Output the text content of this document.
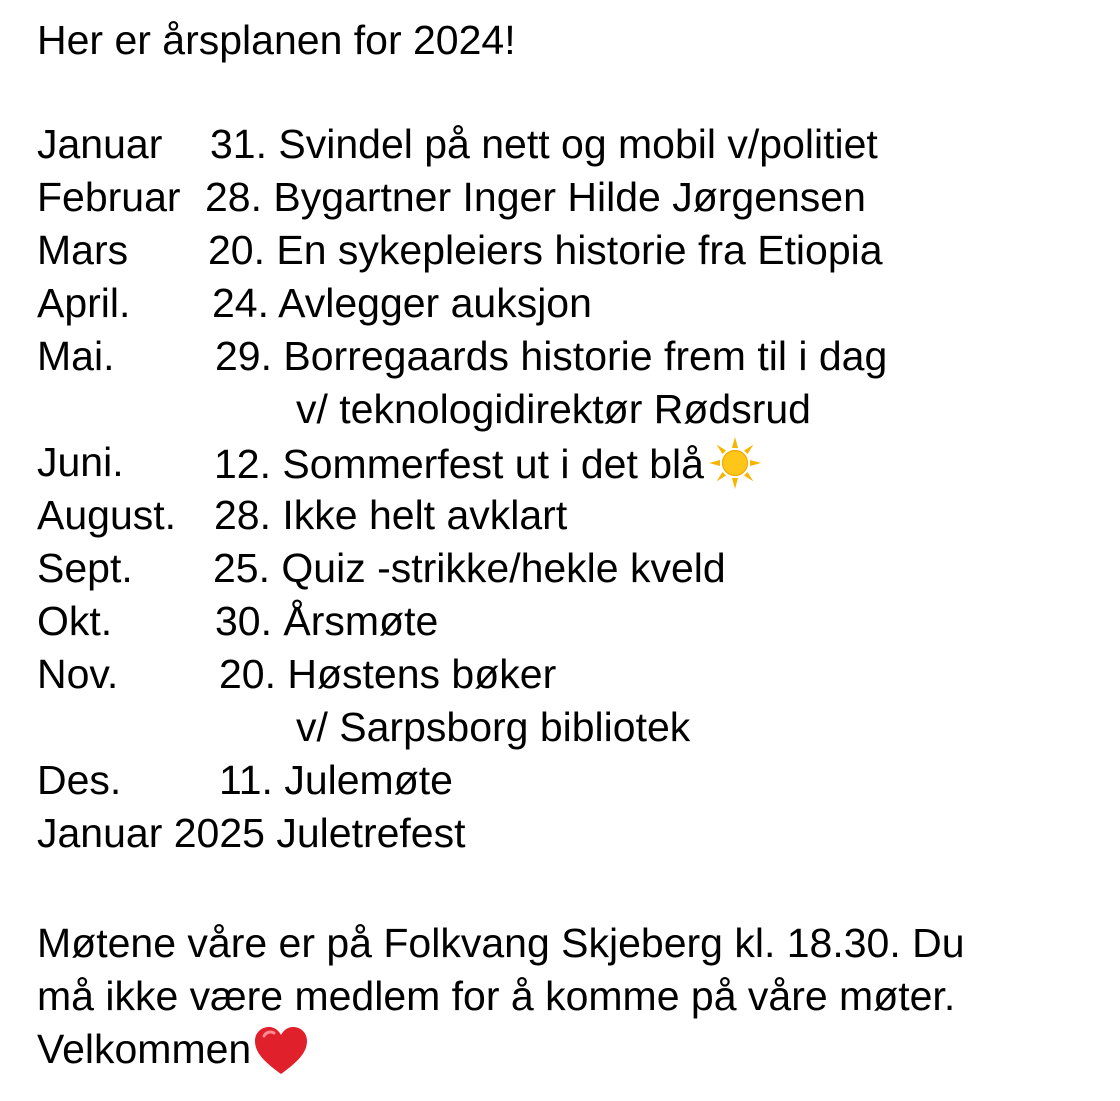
Her er årsplanen for 2024!
Januar 31. Svindel på nett og mobil v/politiet
Februar 28. Bygartner Inger Hilde Jørgensen
Mars 20. En sykepleiers historie fra Etiopia
April. 24. Avlegger auksjon
Mai. 29. Borregaards historie frem til i dag
v/ teknologidirektør Rødsrud
Juni. 12. Sommerfest ut i det blå
August. 28. Ikke helt avklart
Sept. 25. Quiz -strikke/hekle kveld
Okt.	30. Årsmøte
Nov. 20. Høstens bøker
v/ Sarpsborg bibliotek
Des. 11. Julemøte
Januar 2025 Juletrefest
Møtene våre er på Folkvang Skjeberg kl. 18.30. Du
må ikke være medlem for å komme på våre møter.
Velkommen
